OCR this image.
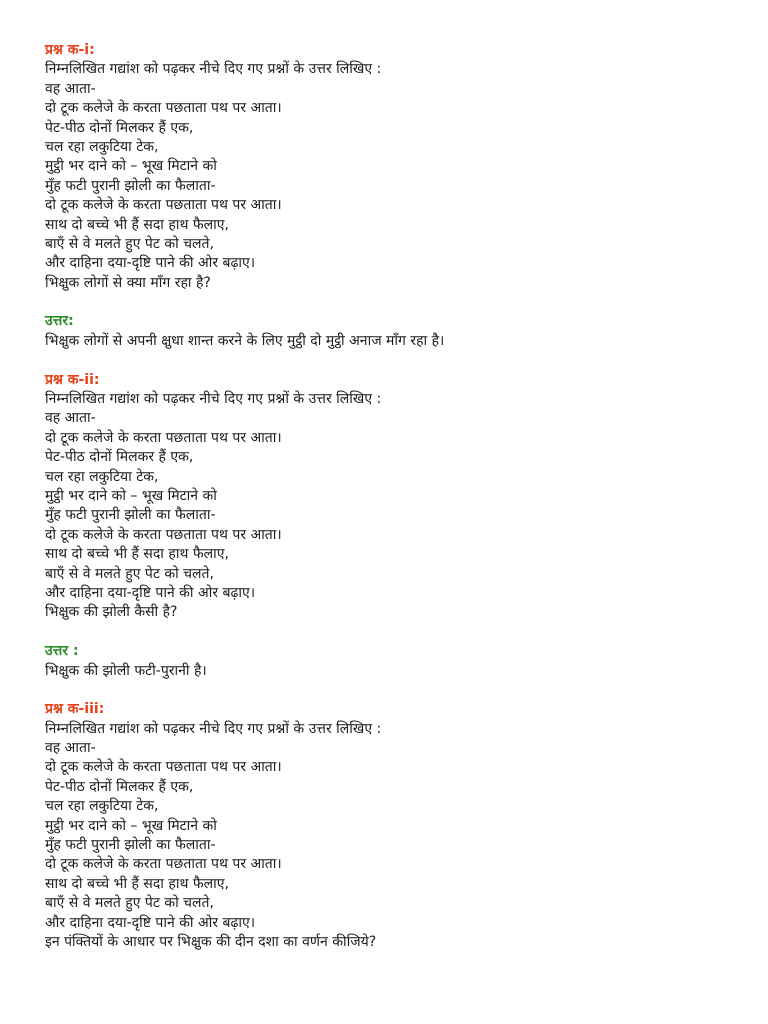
प्रश्न क-i:
निम्नलिखित गद्यांश को पढ़कर नीचे दिए गए प्रश्नों के उत्तर लिखिए :
वह आता-
दो टूक कलेजे के करता पछताता पथ पर आता।
पेट-पीठ दोनों मिलकर हैं एक,
चल रहा लकुटिया टेक,
मुट्ठी भर दाने को – भूख मिटाने को
मुँह फटी पुरानी झोली का फैलाता-
दो टूक कलेजे के करता पछताता पथ पर आता।
साथ दो बच्चे भी हैं सदा हाथ फैलाए,
बाएँ से वे मलते हुए पेट को चलते,
और दाहिना दया-दृष्टि पाने की ओर बढ़ाए।
भिक्षुक लोगों से क्या माँग रहा है?
उत्तर:
भिक्षुक लोगों से अपनी क्षुधा शान्त करने के लिए मुट्ठी दो मुट्ठी अनाज माँग रहा है।
प्रश्न क-ii:
निम्नलिखित गद्यांश को पढ़कर नीचे दिए गए प्रश्नों के उत्तर लिखिए :
वह आता-
दो टूक कलेजे के करता पछताता पथ पर आता।
पेट-पीठ दोनों मिलकर हैं एक,
चल रहा लकुटिया टेक,
मुट्ठी भर दाने को – भूख मिटाने को
मुँह फटी पुरानी झोली का फैलाता-
दो टूक कलेजे के करता पछताता पथ पर आता।
साथ दो बच्चे भी हैं सदा हाथ फैलाए,
बाएँ से वे मलते हुए पेट को चलते,
और दाहिना दया-दृष्टि पाने की ओर बढ़ाए।
भिक्षुक की झोली कैसी है?
उत्तर :
भिक्षुक की झोली फटी-पुरानी है।
प्रश्न क-iii:
निम्नलिखित गद्यांश को पढ़कर नीचे दिए गए प्रश्नों के उत्तर लिखिए :
वह आता-
दो टूक कलेजे के करता पछताता पथ पर आता।
पेट-पीठ दोनों मिलकर हैं एक,
चल रहा लकुटिया टेक,
मुट्ठी भर दाने को – भूख मिटाने को
मुँह फटी पुरानी झोली का फैलाता-
दो टूक कलेजे के करता पछताता पथ पर आता।
साथ दो बच्चे भी हैं सदा हाथ फैलाए,
बाएँ से वे मलते हुए पेट को चलते,
और दाहिना दया-दृष्टि पाने की ओर बढ़ाए।
इन पंक्तियों के आधार पर भिक्षुक की दीन दशा का वर्णन कीजिये?
